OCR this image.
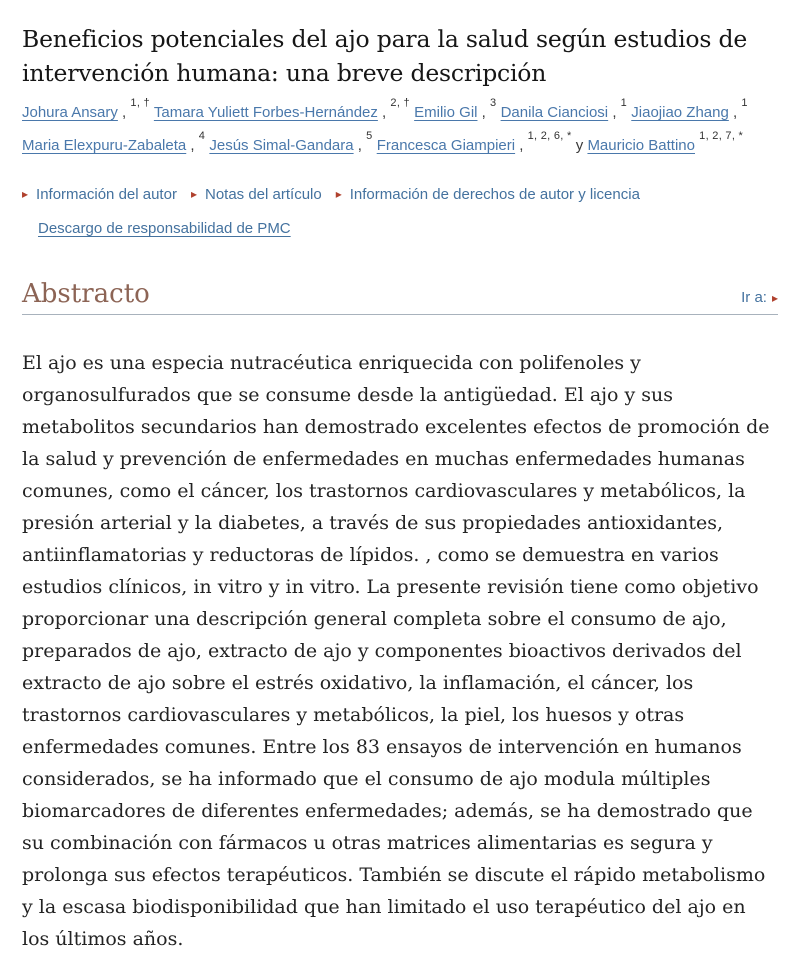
Beneficios potenciales del ajo para la salud según estudios de intervención humana: una breve descripción

Johura Ansary , $^{1, \dagger}$ Tamara Yuliett Forbes-Hernández , $^{2, \dagger}$ Emilio Gil , $^3$ Danila Cianciosi , $^1$ Jiaojiao Zhang , $^1$ Maria Elexpuru-Zabaleta , $^4$ Jesús Simal-Gandara , $^5$ Francesca Giampieri , $^{1, 2, 6, *}$ y Mauricio Battino $^{1, 2, 7, *}$

▸ Información del autor ▸ Notas del artículo ▸ Información de derechos de autor y licencia
Descargo de responsabilidad de PMC
Abstracto	Ir a: ▸

El ajo es una especia nutracéutica enriquecida con polifenoles y organosulfurados que se consume desde la antigüedad. El ajo y sus metabolitos secundarios han demostrado excelentes efectos de promoción de la salud y prevención de enfermedades en muchas enfermedades humanas comunes, como el cáncer, los trastornos cardiovasculares y metabólicos, la presión arterial y la diabetes, a través de sus propiedades antioxidantes, antiinflamatorias y reductoras de lípidos. , como se demuestra en varios estudios clínicos, in vitro y in vitro. La presente revisión tiene como objetivo proporcionar una descripción general completa sobre el consumo de ajo, preparados de ajo, extracto de ajo y componentes bioactivos derivados del extracto de ajo sobre el estrés oxidativo, la inflamación, el cáncer, los trastornos cardiovasculares y metabólicos, la piel, los huesos y otras enfermedades comunes. Entre los 83 ensayos de intervención en humanos considerados, se ha informado que el consumo de ajo modula múltiples biomarcadores de diferentes enfermedades; además, se ha demostrado que su combinación con fármacos u otras matrices alimentarias es segura y prolonga sus efectos terapéuticos. También se discute el rápido metabolismo y la escasa biodisponibilidad que han limitado el uso terapéutico del ajo en los últimos años.
